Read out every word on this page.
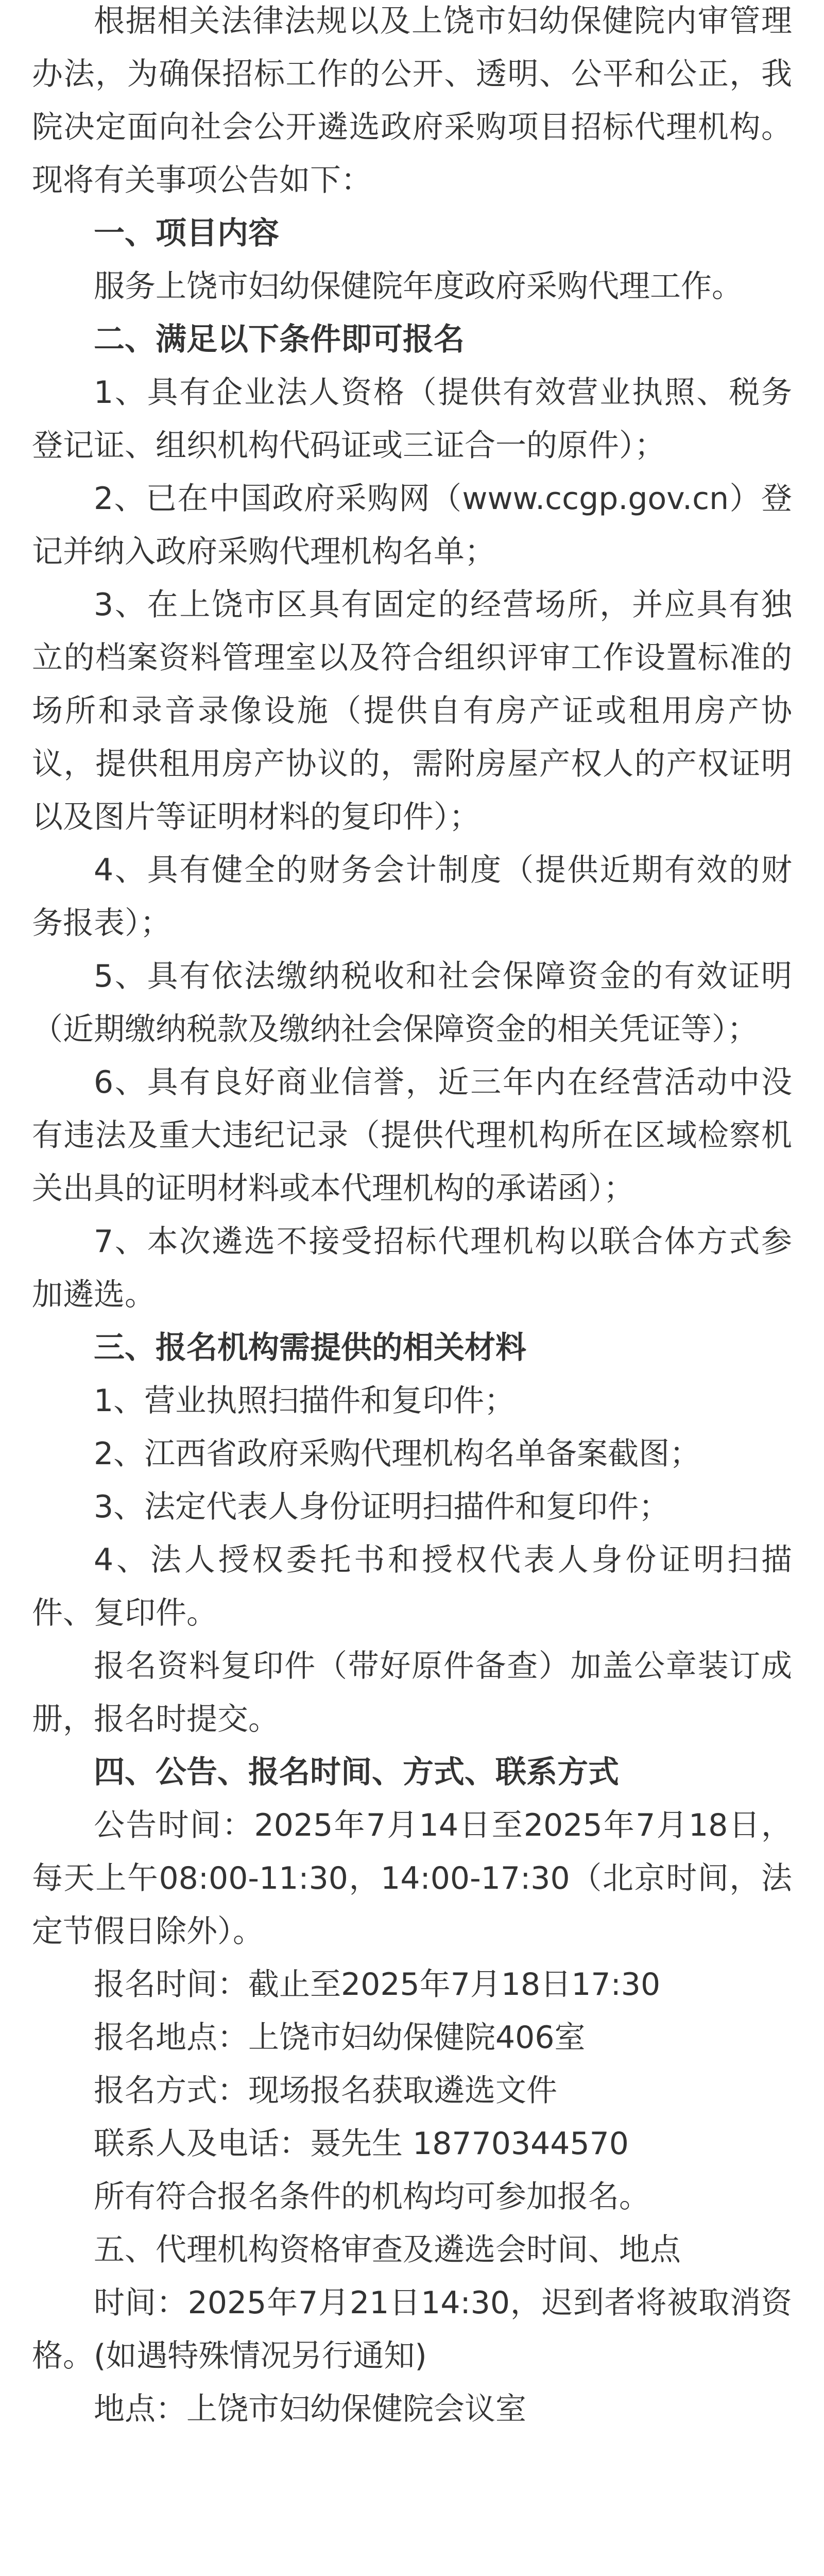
根据相关法律法规以及上饶市妇幼保健院内审管理办法，为确保招标工作的公开、透明、公平和公正，我院决定面向社会公开遴选政府采购项目招标代理机构。现将有关事项公告如下：

一、项目内容

服务上饶市妇幼保健院年度政府采购代理工作。

二、满足以下条件即可报名

1、具有企业法人资格（提供有效营业执照、税务登记证、组织机构代码证或三证合一的原件）；

2、已在中国政府采购网（www.ccgp.gov.cn）登记并纳入政府采购代理机构名单；

3、在上饶市区具有固定的经营场所，并应具有独立的档案资料管理室以及符合组织评审工作设置标准的场所和录音录像设施（提供自有房产证或租用房产协议，提供租用房产协议的，需附房屋产权人的产权证明以及图片等证明材料的复印件）；

4、具有健全的财务会计制度（提供近期有效的财务报表）；

5、具有依法缴纳税收和社会保障资金的有效证明（近期缴纳税款及缴纳社会保障资金的相关凭证等）；

6、具有良好商业信誉，近三年内在经营活动中没有违法及重大违纪记录（提供代理机构所在区域检察机关出具的证明材料或本代理机构的承诺函）；

7、本次遴选不接受招标代理机构以联合体方式参加遴选。

三、报名机构需提供的相关材料

1、营业执照扫描件和复印件；

2、江西省政府采购代理机构名单备案截图；

3、法定代表人身份证明扫描件和复印件；

4、法人授权委托书和授权代表人身份证明扫描件、复印件。

报名资料复印件（带好原件备查）加盖公章装订成册，报名时提交。

四、公告、报名时间、方式、联系方式

公告时间：2025年7月14日至2025年7月18日，每天上午08:00-11:30，14:00-17:30（北京时间，法定节假日除外）。

报名时间：截止至2025年7月18日17:30

报名地点：上饶市妇幼保健院406室

报名方式：现场报名获取遴选文件

联系人及电话：聂先生 18770344570

所有符合报名条件的机构均可参加报名。

五、代理机构资格审查及遴选会时间、地点

时间：2025年7月21日14:30，迟到者将被取消资格。(如遇特殊情况另行通知)

地点：上饶市妇幼保健院会议室
